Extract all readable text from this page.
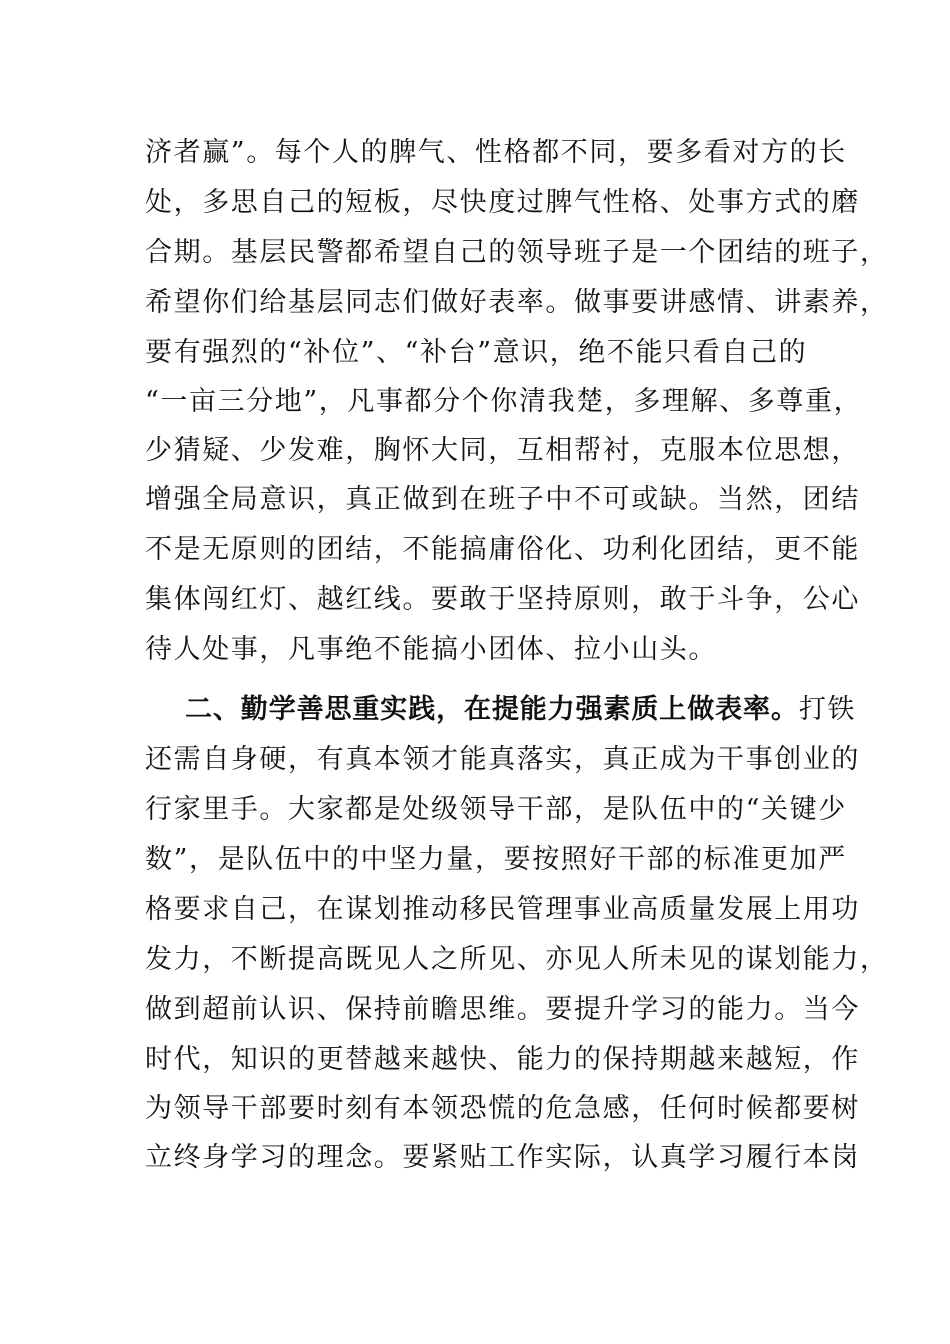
济者赢”。每个人的脾气、性格都不同，要多看对方的长
处，多思自己的短板，尽快度过脾气性格、处事方式的磨
合期。基层民警都希望自己的领导班子是一个团结的班子，
希望你们给基层同志们做好表率。做事要讲感情、讲素养，
要有强烈的“补位”、“补台”意识，绝不能只看自己的
“一亩三分地”，凡事都分个你清我楚，多理解、多尊重，
少猜疑、少发难，胸怀大同，互相帮衬，克服本位思想，
增强全局意识，真正做到在班子中不可或缺。当然，团结
不是无原则的团结，不能搞庸俗化、功利化团结，更不能
集体闯红灯、越红线。要敢于坚持原则，敢于斗争，公心
待人处事，凡事绝不能搞小团体、拉小山头。
二、勤学善思重实践，在提能力强素质上做表率。打铁
还需自身硬，有真本领才能真落实，真正成为干事创业的
行家里手。大家都是处级领导干部，是队伍中的“关键少
数”，是队伍中的中坚力量，要按照好干部的标准更加严
格要求自己，在谋划推动移民管理事业高质量发展上用功
发力，不断提高既见人之所见、亦见人所未见的谋划能力，
做到超前认识、保持前瞻思维。要提升学习的能力。当今
时代，知识的更替越来越快、能力的保持期越来越短，作
为领导干部要时刻有本领恐慌的危急感，任何时候都要树
立终身学习的理念。要紧贴工作实际，认真学习履行本岗
